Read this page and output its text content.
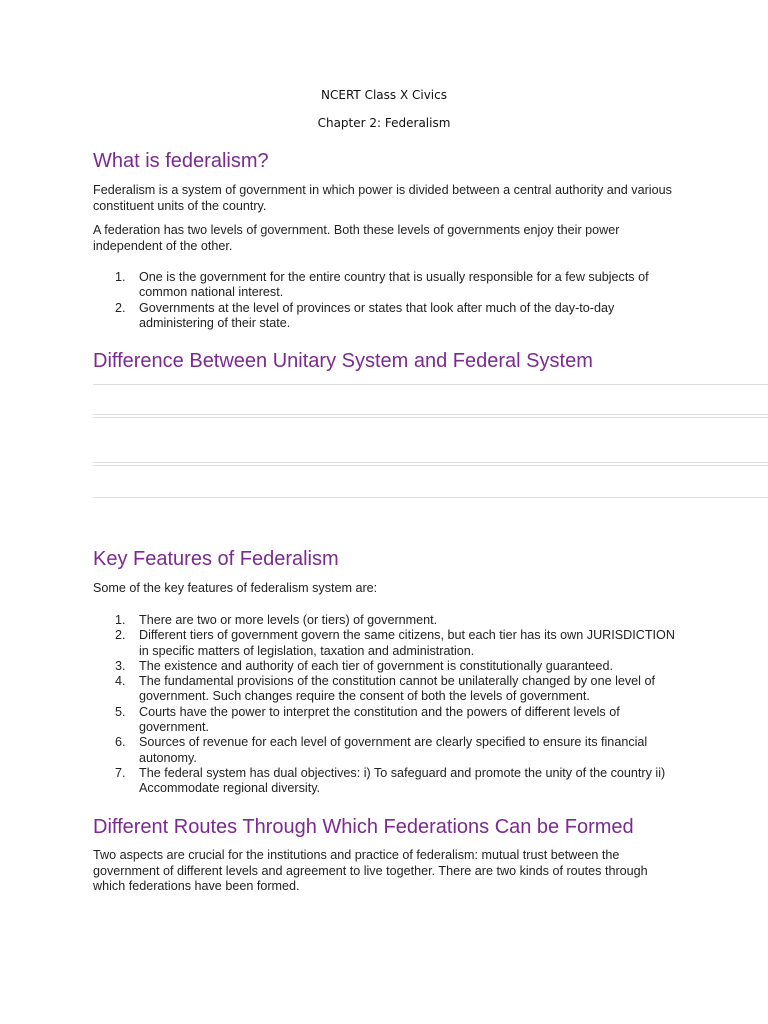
NCERT Class X Civics
Chapter 2: Federalism
What is federalism?

Federalism is a system of government in which power is divided between a central authority and various constituent units of the country.

A federation has two levels of government. Both these levels of governments enjoy their power independent of the other.

1. One is the government for the entire country that is usually responsible for a few subjects of common national interest.
2. Governments at the level of provinces or states that look after much of the day-to-day administering of their state.
Difference Between Unitary System and Federal System
Key Features of Federalism

Some of the key features of federalism system are:

1. There are two or more levels (or tiers) of government.
2. Different tiers of government govern the same citizens, but each tier has its own JURISDICTION in specific matters of legislation, taxation and administration.
3. The existence and authority of each tier of government is constitutionally guaranteed.
4. The fundamental provisions of the constitution cannot be unilaterally changed by one level of government. Such changes require the consent of both the levels of government.
5. Courts have the power to interpret the constitution and the powers of different levels of government.
6. Sources of revenue for each level of government are clearly specified to ensure its financial autonomy.
7. The federal system has dual objectives: i) To safeguard and promote the unity of the country ii) Accommodate regional diversity.
Different Routes Through Which Federations Can be Formed

Two aspects are crucial for the institutions and practice of federalism: mutual trust between the government of different levels and agreement to live together. There are two kinds of routes through which federations have been formed.
